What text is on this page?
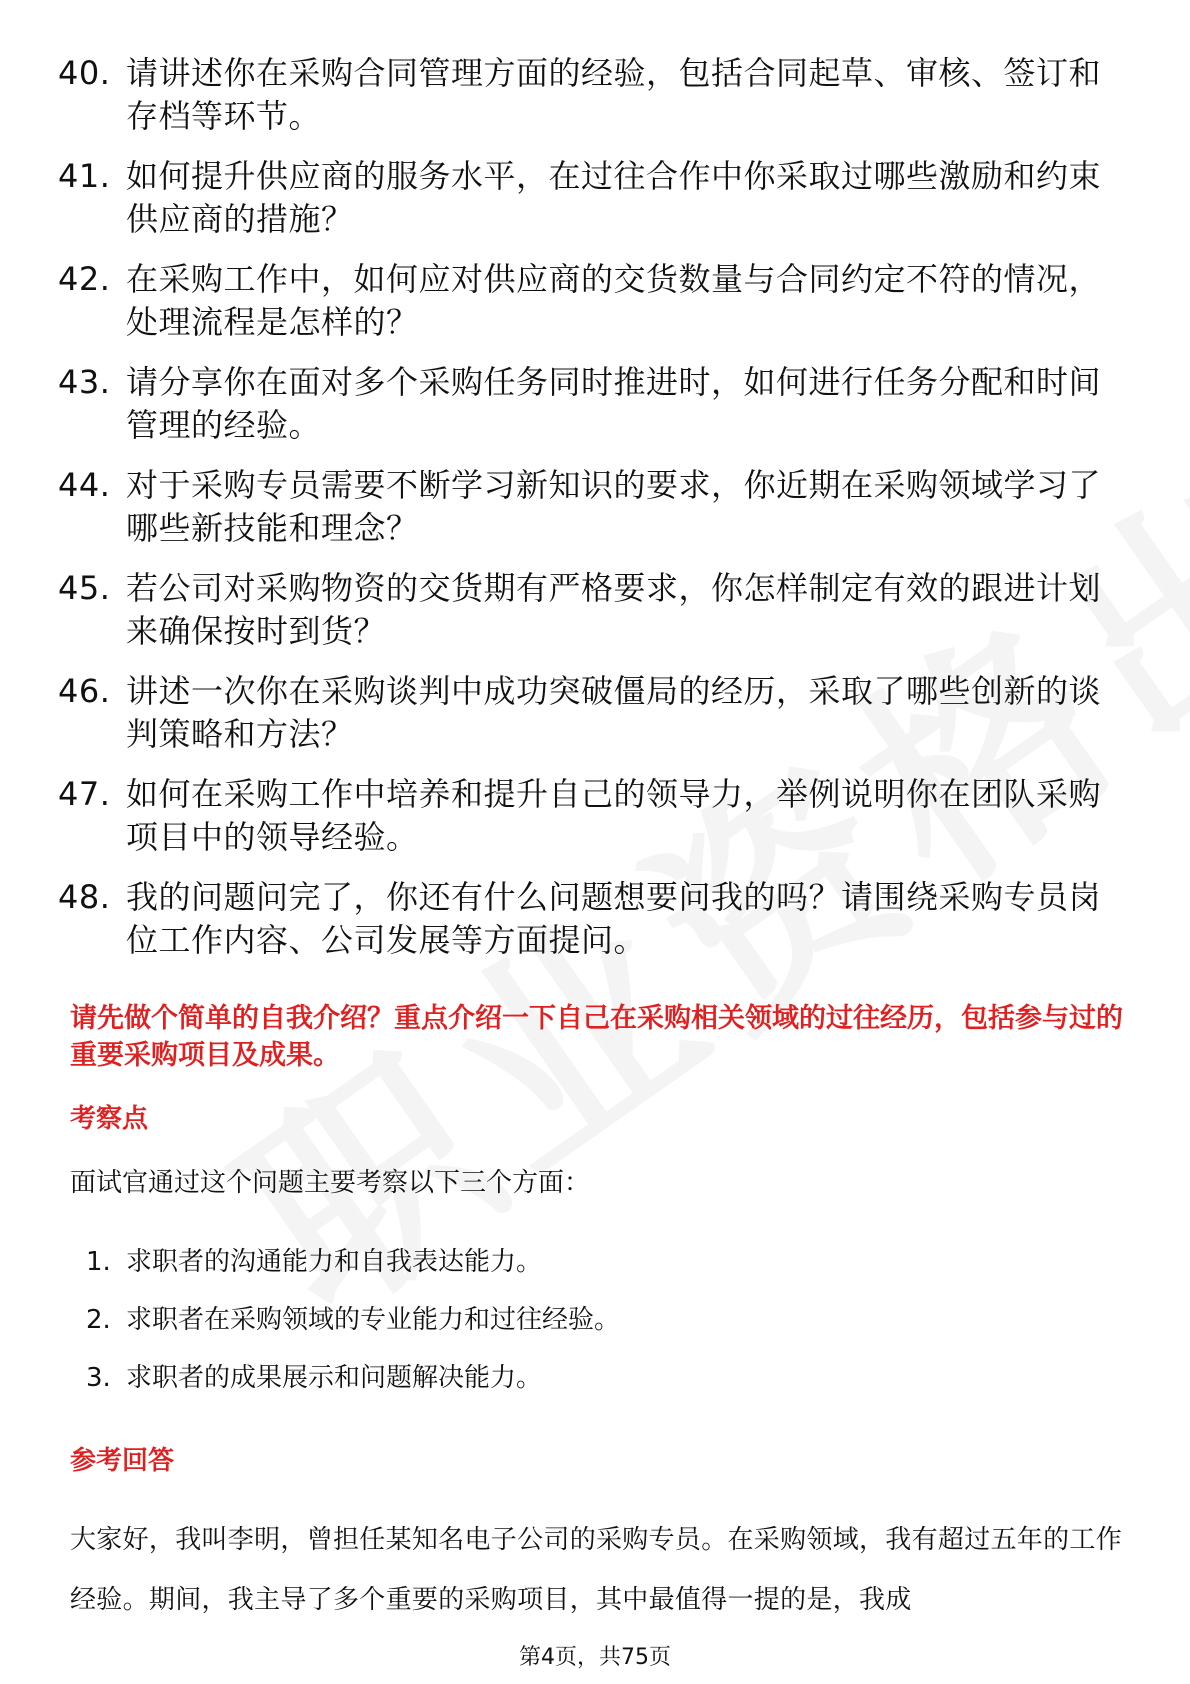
40. 请讲述你在采购合同管理方面的经验，包括合同起草、审核、签订和存档等环节。
41. 如何提升供应商的服务水平，在过往合作中你采取过哪些激励和约束供应商的措施？
42. 在采购工作中，如何应对供应商的交货数量与合同约定不符的情况，处理流程是怎样的？
43. 请分享你在面对多个采购任务同时推进时，如何进行任务分配和时间管理的经验。
44. 对于采购专员需要不断学习新知识的要求，你近期在采购领域学习了哪些新技能和理念？
45. 若公司对采购物资的交货期有严格要求，你怎样制定有效的跟进计划来确保按时到货？
46. 讲述一次你在采购谈判中成功突破僵局的经历，采取了哪些创新的谈判策略和方法？
47. 如何在采购工作中培养和提升自己的领导力，举例说明你在团队采购项目中的领导经验。
48. 我的问题问完了，你还有什么问题想要问我的吗？请围绕采购专员岗位工作内容、公司发展等方面提问。
请先做个简单的自我介绍？重点介绍一下自己在采购相关领域的过往经历，包括参与过的重要采购项目及成果。
考察点
面试官通过这个问题主要考察以下三个方面：
1. 求职者的沟通能力和自我表达能力。
2. 求职者在采购领域的专业能力和过往经验。
3. 求职者的成果展示和问题解决能力。
参考回答
大家好，我叫李明，曾担任某知名电子公司的采购专员。在采购领域，我有超过五年的工作经验。期间，我主导了多个重要的采购项目，其中最值得一提的是，我成
第4页，共75页
